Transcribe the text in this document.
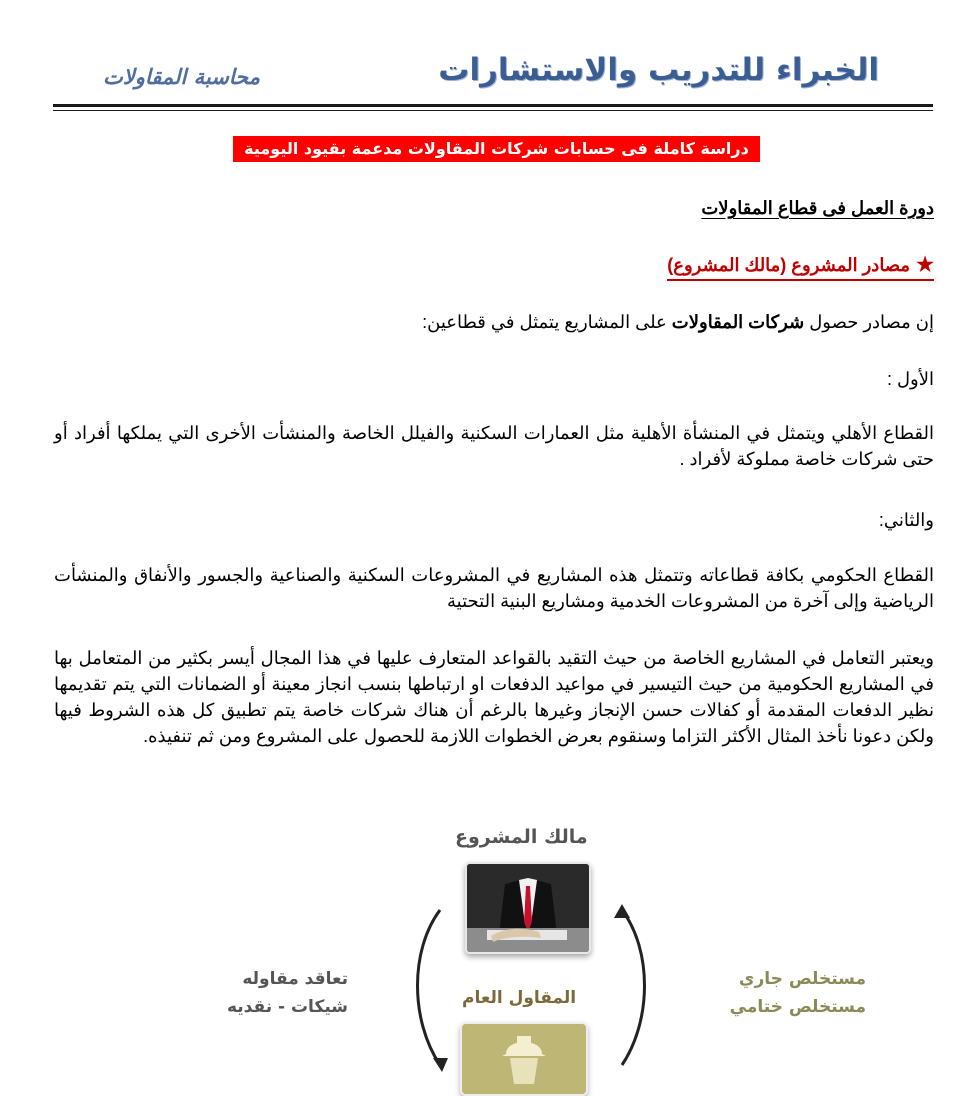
الخبراء للتدريب والاستشارات
محاسبة المقاولات
دراسة كاملة فى حسابات شركات المقاولات مدعمة بقيود اليومية
دورة العمل فى قطاع المقاولات
★مصادر المشروع (مالك المشروع)
إن مصادر حصول شركات المقاولات على المشاريع يتمثل في قطاعين:
الأول :
القطاع الأهلي ويتمثل في المنشأة الأهلية مثل العمارات السكنية والفيلل الخاصة والمنشأت الأخرى التي يملكها أفراد أو حتى شركات خاصة مملوكة لأفراد .
والثاني:
القطاع الحكومي بكافة قطاعاته وتتمثل هذه المشاريع في المشروعات السكنية والصناعية والجسور والأنفاق والمنشأت الرياضية وإلى آخرة من المشروعات الخدمية ومشاريع البنية التحتية
ويعتبر التعامل في المشاريع الخاصة من حيث التقيد بالقواعد المتعارف عليها في هذا المجال أيسر بكثير من المتعامل بها في المشاريع الحكومية من حيث التيسير في مواعيد الدفعات او ارتباطها بنسب انجاز معينة أو الضمانات التي يتم تقديمها نظير الدفعات المقدمة أو كفالات حسن الإنجاز وغيرها بالرغم أن هناك شركات خاصة يتم تطبيق كل هذه الشروط فيها ولكن دعونا نأخذ المثال الأكثر التزاما وسنقوم بعرض الخطوات اللازمة للحصول على المشروع ومن ثم تنفيذه.
مالك المشروع
تعاقد مقاوله
شيكات - نقديه	المقاول العام
مستخلص جاري
مستخلص ختامي
